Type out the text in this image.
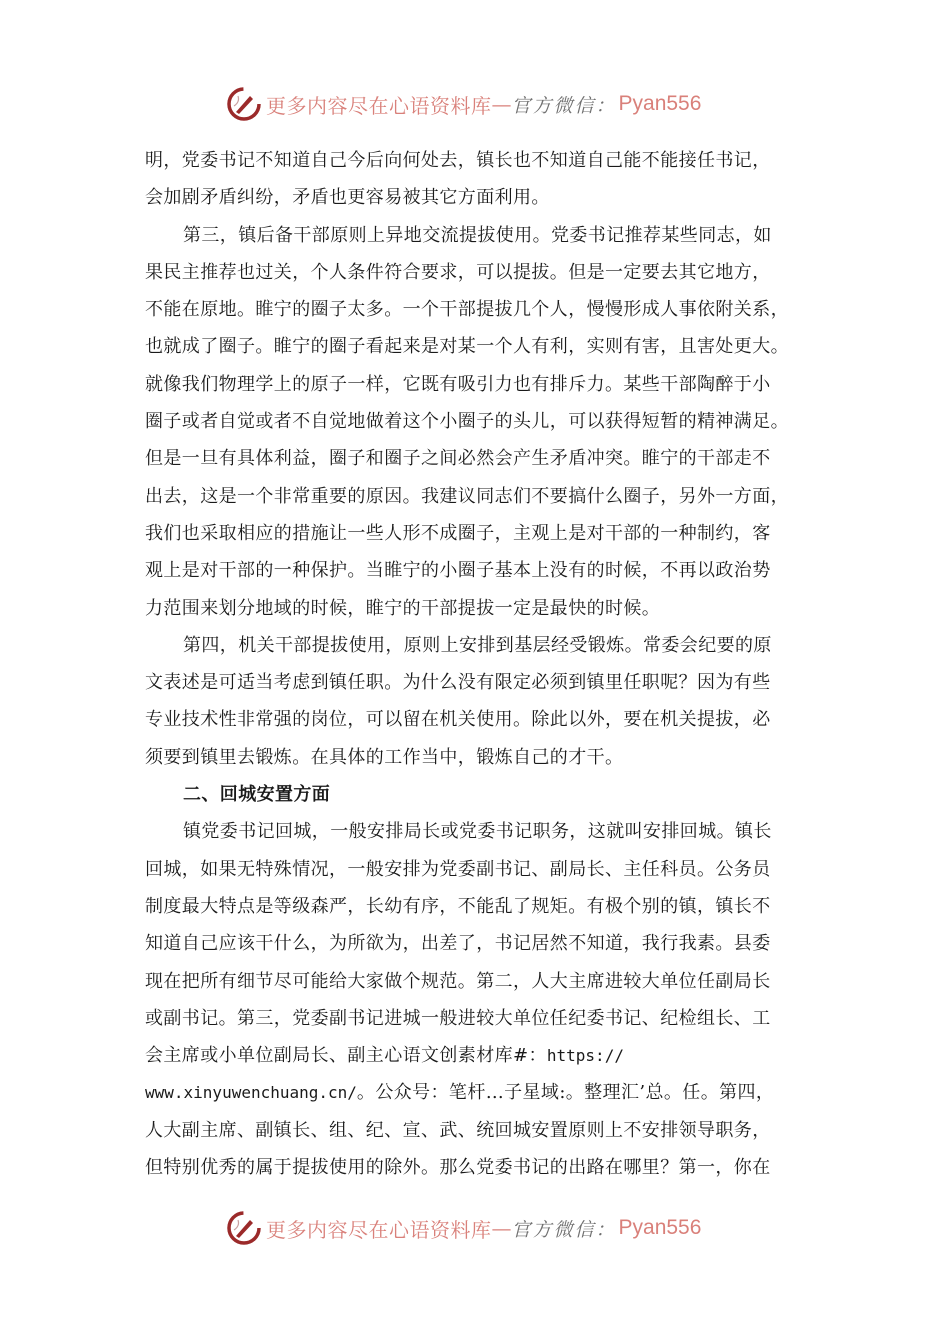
更多内容尽在心语资料库 — 官方微信： Pyan556
明，党委书记不知道自己今后向何处去，镇长也不知道自己能不能接任书记，
会加剧矛盾纠纷，矛盾也更容易被其它方面利用。
第三，镇后备干部原则上异地交流提拔使用。党委书记推荐某些同志，如
果民主推荐也过关，个人条件符合要求，可以提拔。但是一定要去其它地方，
不能在原地。睢宁的圈子太多。一个干部提拔几个人，慢慢形成人事依附关系，
也就成了圈子。睢宁的圈子看起来是对某一个人有利，实则有害，且害处更大。
就像我们物理学上的原子一样，它既有吸引力也有排斥力。某些干部陶醉于小
圈子或者自觉或者不自觉地做着这个小圈子的头儿，可以获得短暂的精神满足。
但是一旦有具体利益，圈子和圈子之间必然会产生矛盾冲突。睢宁的干部走不
出去，这是一个非常重要的原因。我建议同志们不要搞什么圈子，另外一方面，
我们也采取相应的措施让一些人形不成圈子，主观上是对干部的一种制约，客
观上是对干部的一种保护。当睢宁的小圈子基本上没有的时候，不再以政治势
力范围来划分地域的时候，睢宁的干部提拔一定是最快的时候。
第四，机关干部提拔使用，原则上安排到基层经受锻炼。常委会纪要的原
文表述是可适当考虑到镇任职。为什么没有限定必须到镇里任职呢？因为有些
专业技术性非常强的岗位，可以留在机关使用。除此以外，要在机关提拔，必
须要到镇里去锻炼。在具体的工作当中，锻炼自己的才干。
二、回城安置方面
镇党委书记回城，一般安排局长或党委书记职务，这就叫安排回城。镇长
回城，如果无特殊情况，一般安排为党委副书记、副局长、主任科员。公务员
制度最大特点是等级森严，长幼有序，不能乱了规矩。有极个别的镇，镇长不
知道自己应该干什么，为所欲为，出差了，书记居然不知道，我行我素。县委
现在把所有细节尽可能给大家做个规范。第二，人大主席进较大单位任副局长
或副书记。第三，党委副书记进城一般进较大单位任纪委书记、纪检组长、工
会主席或小单位副局长、副主心语文创素材库#：https://
www.xinyuwenchuang.cn/。公众号：笔杆…子星域:。整理汇’总。任。第四，
人大副主席、副镇长、组、纪、宣、武、统回城安置原则上不安排领导职务，
但特别优秀的属于提拔使用的除外。那么党委书记的出路在哪里？第一，你在
更多内容尽在心语资料库 — 官方微信： Pyan556
